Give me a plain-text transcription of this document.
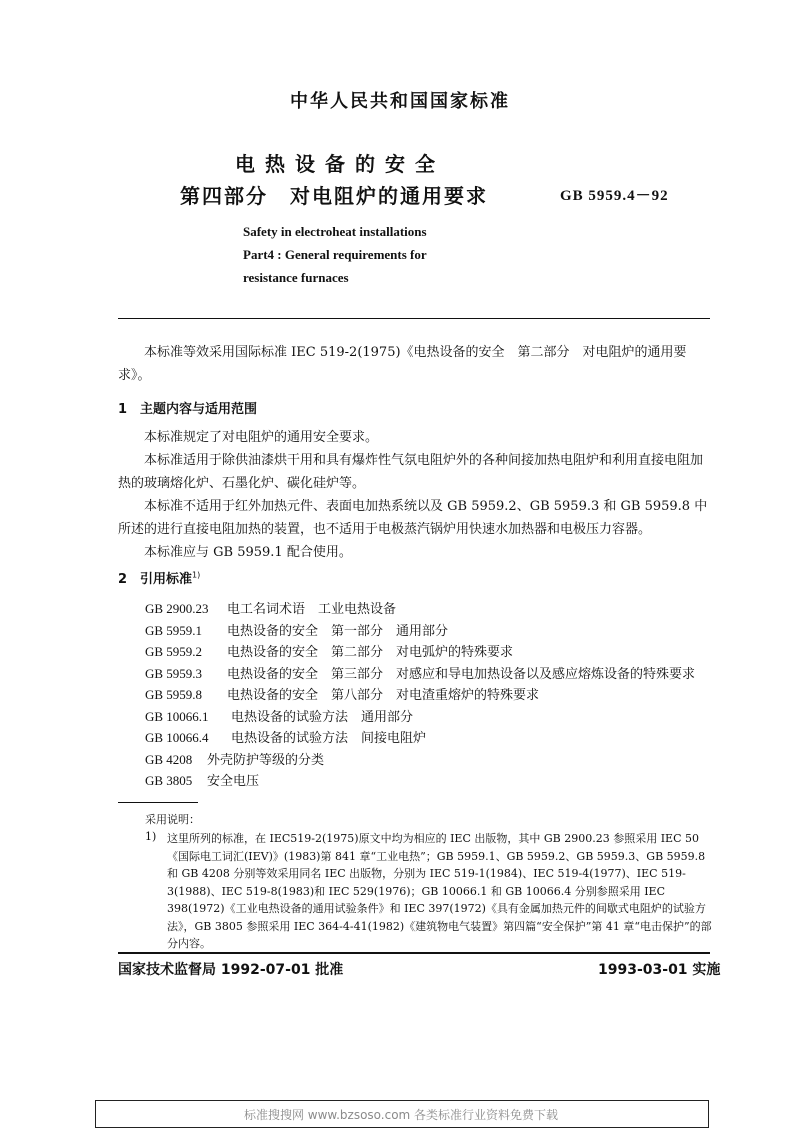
中华人民共和国国家标准
电热设备的安全
第四部分　对电阻炉的通用要求	GB 5959.4－92
Safety in electroheat installations
Part4 : General requirements for
resistance furnaces
本标准等效采用国际标准 IEC 519-2(1975)《电热设备的安全　第二部分　对电阻炉的通用要求》。
1　主题内容与适用范围
本标准规定了对电阻炉的通用安全要求。
本标准适用于除供油漆烘干用和具有爆炸性气氛电阻炉外的各种间接加热电阻炉和利用直接电阻加热的玻璃熔化炉、石墨化炉、碳化硅炉等。
本标准不适用于红外加热元件、表面电加热系统以及 GB 5959.2、GB 5959.3 和 GB 5959.8 中所述的进行直接电阻加热的装置，也不适用于电极蒸汽锅炉用快速水加热器和电极压力容器。
本标准应与 GB 5959.1 配合使用。
2　引用标准$^{1)}$
GB 2900.23 电工名词术语　工业电热设备
GB 5959.1 电热设备的安全　第一部分　通用部分
GB 5959.2 电热设备的安全　第二部分　对电弧炉的特殊要求
GB 5959.3 电热设备的安全　第三部分　对感应和导电加热设备以及感应熔炼设备的特殊要求
GB 5959.8 电热设备的安全　第八部分　对电渣重熔炉的特殊要求
GB 10066.1 电热设备的试验方法　通用部分
GB 10066.4 电热设备的试验方法　间接电阻炉
GB 4208 外壳防护等级的分类
GB 3805 安全电压
采用说明：
1) 这里所列的标准，在 IEC519-2(1975)原文中均为相应的 IEC 出版物，其中 GB 2900.23 参照采用 IEC 50《国际电工词汇(IEV)》(1983)第 841 章“工业电热”；GB 5959.1、GB 5959.2、GB 5959.3、GB 5959.8 和 GB 4208 分别等效采用同名 IEC 出版物，分别为 IEC 519-1(1984)、IEC 519-4(1977)、IEC 519-3(1988)、IEC 519-8(1983)和 IEC 529(1976)；GB 10066.1 和 GB 10066.4 分别参照采用 IEC 398(1972)《工业电热设备的通用试验条件》和 IEC 397(1972)《具有金属加热元件的间歇式电阻炉的试验方法》，GB 3805 参照采用 IEC 364-4-41(1982)《建筑物电气装置》第四篇“安全保护”第 41 章“电击保护”的部分内容。
国家技术监督局 1992-07-01 批准	1993-03-01 实施
标准搜搜网 www.bzsoso.com 各类标准行业资料免费下载
